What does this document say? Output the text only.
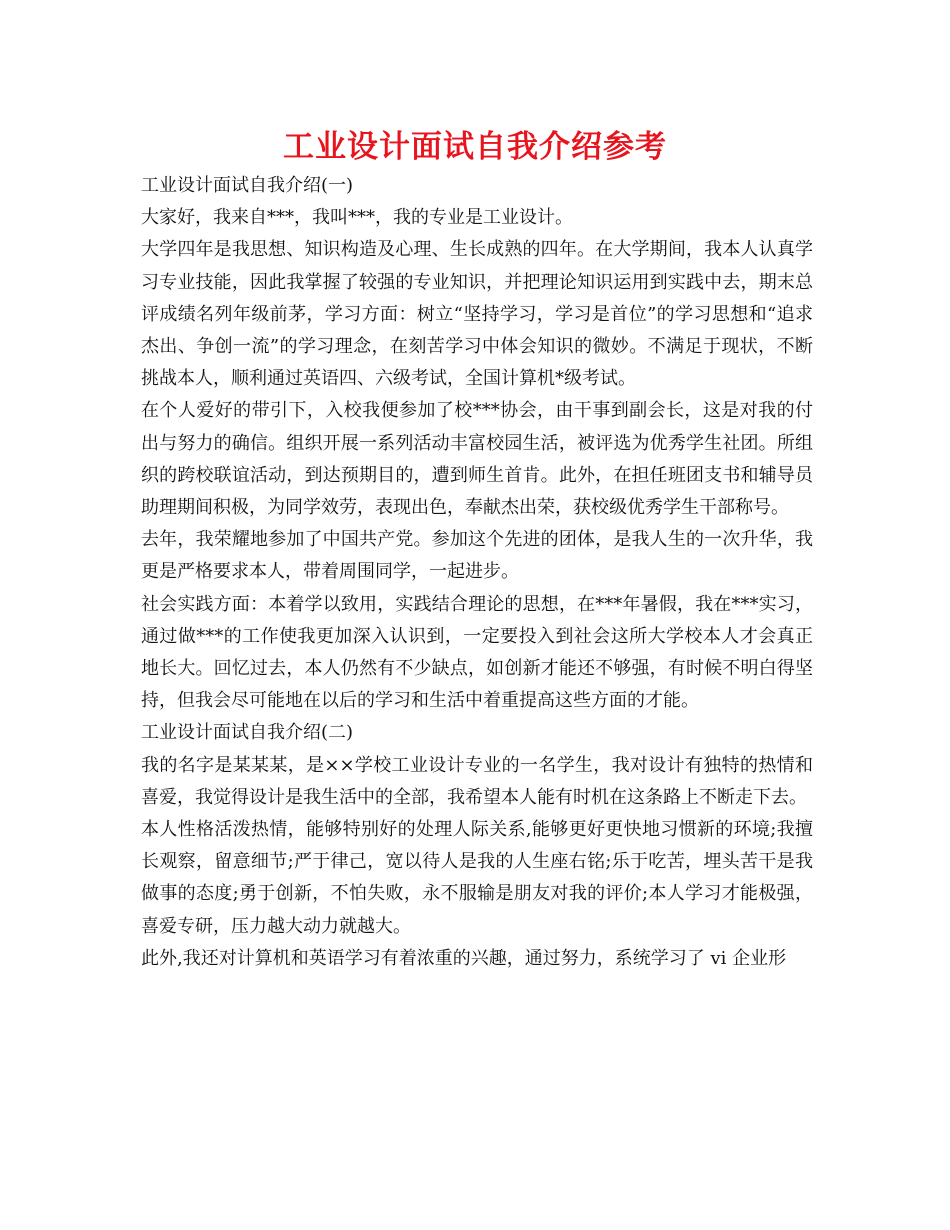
工业设计面试自我介绍参考

工业设计面试自我介绍(一)

大家好，我来自***，我叫***，我的专业是工业设计。

大学四年是我思想、知识构造及心理、生长成熟的四年。在大学期间，我本人认真学习专业技能，因此我掌握了较强的专业知识，并把理论知识运用到实践中去，期末总评成绩名列年级前茅，学习方面：树立“坚持学习，学习是首位”的学习思想和“追求杰出、争创一流”的学习理念，在刻苦学习中体会知识的微妙。不满足于现状，不断挑战本人，顺利通过英语四、六级考试，全国计算机*级考试。

在个人爱好的带引下，入校我便参加了校***协会，由干事到副会长，这是对我的付出与努力的确信。组织开展一系列活动丰富校园生活，被评选为优秀学生社团。所组织的跨校联谊活动，到达预期目的，遭到师生首肯。此外，在担任班团支书和辅导员助理期间积极，为同学效劳，表现出色，奉献杰出荣，获校级优秀学生干部称号。

去年，我荣耀地参加了中国共产党。参加这个先进的团体，是我人生的一次升华，我更是严格要求本人，带着周围同学，一起进步。

社会实践方面：本着学以致用，实践结合理论的思想，在***年暑假，我在***实习，通过做***的工作使我更加深入认识到，一定要投入到社会这所大学校本人才会真正地长大。回忆过去，本人仍然有不少缺点，如创新才能还不够强，有时候不明白得坚持，但我会尽可能地在以后的学习和生活中着重提高这些方面的才能。

工业设计面试自我介绍(二)

我的名字是某某某，是××学校工业设计专业的一名学生，我对设计有独特的热情和喜爱，我觉得设计是我生活中的全部，我希望本人能有时机在这条路上不断走下去。

本人性格活泼热情，能够特别好的处理人际关系,能够更好更快地习惯新的环境;我擅长观察，留意细节;严于律己，宽以待人是我的人生座右铭;乐于吃苦，埋头苦干是我做事的态度;勇于创新，不怕失败，永不服输是朋友对我的评价;本人学习才能极强，喜爱专研，压力越大动力就越大。

此外,我还对计算机和英语学习有着浓重的兴趣，通过努力，系统学习了 vi 企业形
